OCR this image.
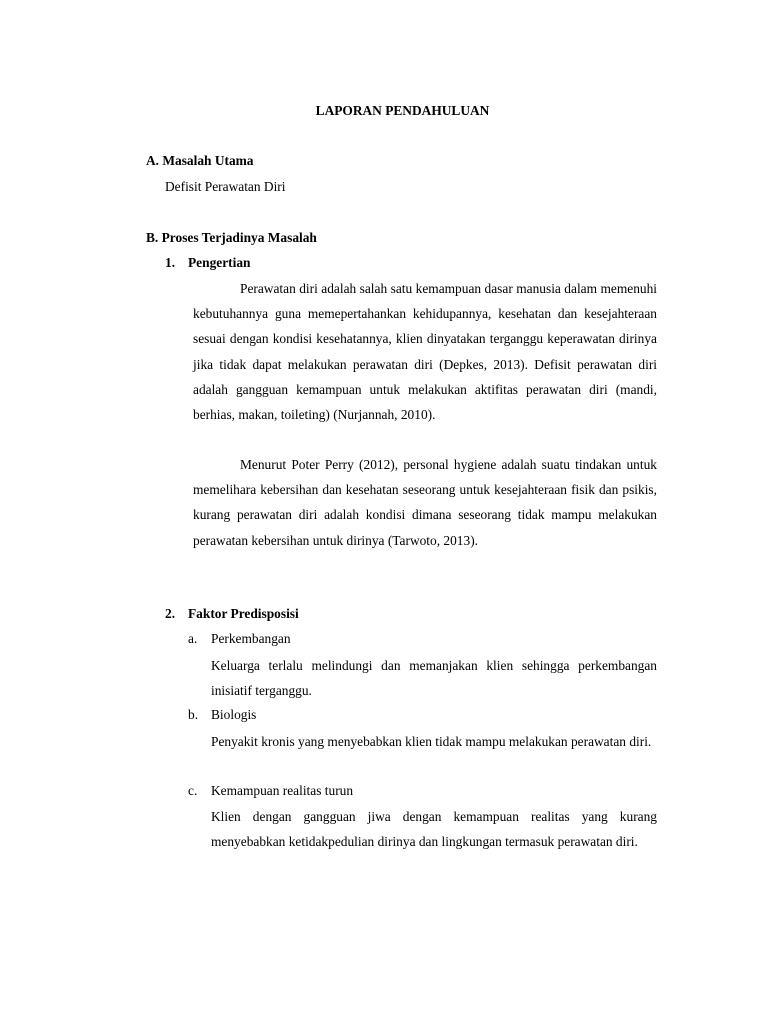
LAPORAN PENDAHULUAN
A. Masalah Utama
Defisit Perawatan Diri
B. Proses Terjadinya Masalah
1. Pengertian
Perawatan diri adalah salah satu kemampuan dasar manusia dalam memenuhi kebutuhannya guna memepertahankan kehidupannya, kesehatan dan kesejahteraan sesuai dengan kondisi kesehatannya, klien dinyatakan terganggu keperawatan dirinya jika tidak dapat melakukan perawatan diri (Depkes, 2013). Defisit perawatan diri adalah gangguan kemampuan untuk melakukan aktifitas perawatan diri (mandi, berhias, makan, toileting) (Nurjannah, 2010).
Menurut Poter Perry (2012), personal hygiene adalah suatu tindakan untuk memelihara kebersihan dan kesehatan seseorang untuk kesejahteraan fisik dan psikis, kurang perawatan diri adalah kondisi dimana seseorang tidak mampu melakukan perawatan kebersihan untuk dirinya (Tarwoto, 2013).
2. Faktor Predisposisi
a. Perkembangan
Keluarga terlalu melindungi dan memanjakan klien sehingga perkembangan inisiatif terganggu.
b. Biologis
Penyakit kronis yang menyebabkan klien tidak mampu melakukan perawatan diri.
c. Kemampuan realitas turun
Klien dengan gangguan jiwa dengan kemampuan realitas yang kurang menyebabkan ketidakpedulian dirinya dan lingkungan termasuk perawatan diri.
